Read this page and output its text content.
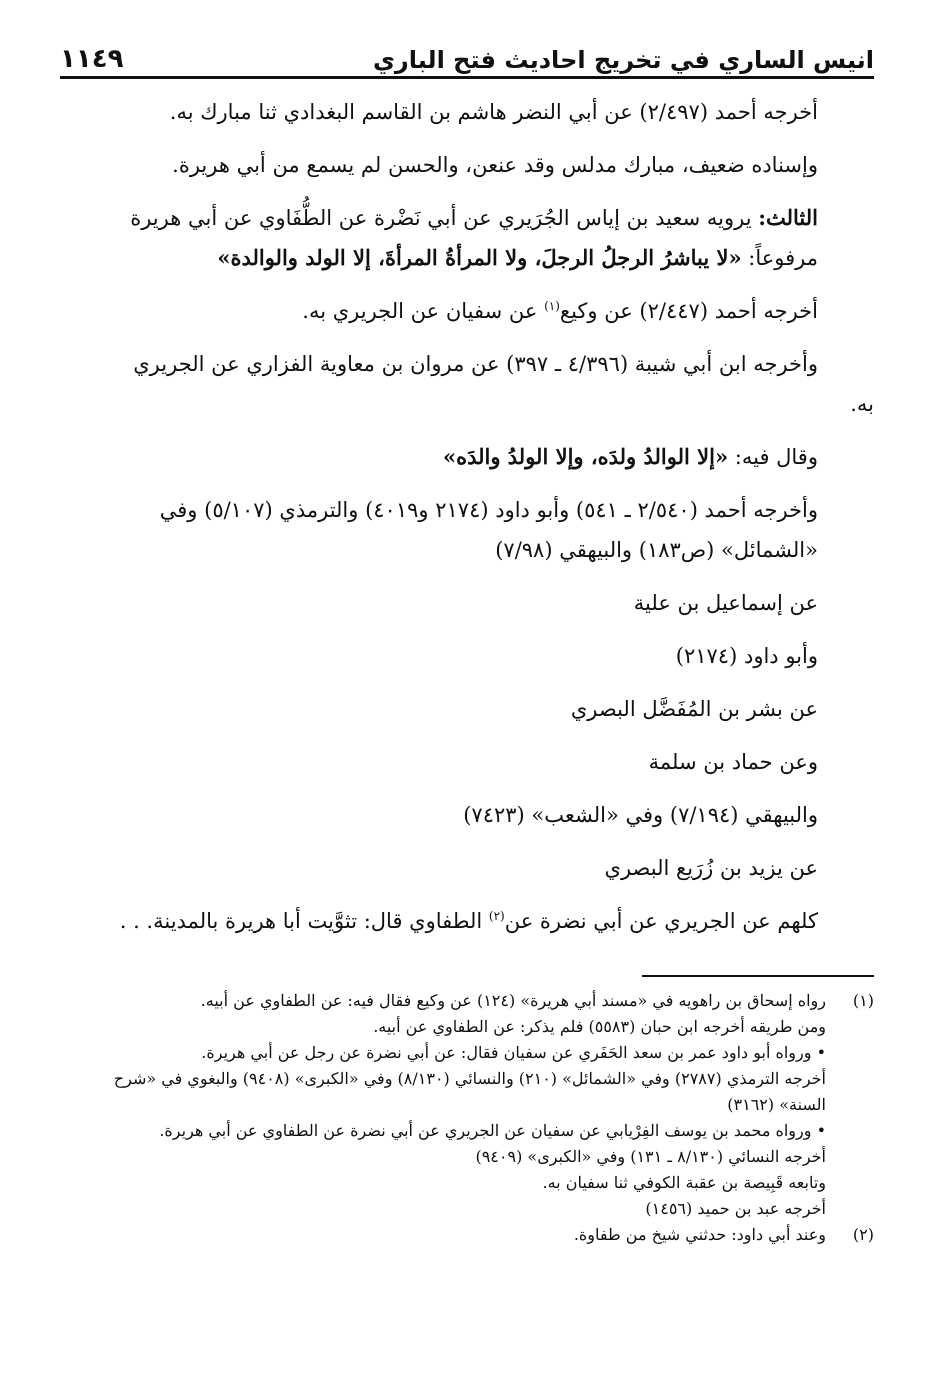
انيس الساري في تخريج احاديث فتح الباري
١١٤٩

أخرجه أحمد (٢/٤٩٧) عن أبي النضر هاشم بن القاسم البغدادي ثنا مبارك به.

وإسناده ضعيف، مبارك مدلس وقد عنعن، والحسن لم يسمع من أبي هريرة.

الثالث: يرويه سعيد بن إياس الجُرَيري عن أبي نَضْرة عن الطُّفَاوي عن أبي هريرة مرفوعاً: «لا يباشرُ الرجلُ الرجلَ، ولا المرأةُ المرأةَ، إلا الولد والوالدة»

أخرجه أحمد (٢/٤٤٧) عن وكيع$^{(١)}$ عن سفيان عن الجريري به.

وأخرجه ابن أبي شيبة (٤/٣٩٦ ـ ٣٩٧) عن مروان بن معاوية الفزاري عن الجريري

به.

وقال فيه: «إلا الوالدُ ولدَه، وإلا الولدُ والدَه»

وأخرجه أحمد (٢/٥٤٠ ـ ٥٤١) وأبو داود (٢١٧٤ و٤٠١٩) والترمذي (٥/١٠٧) وفي «الشمائل» (ص١٨٣) والبيهقي (٧/٩٨)

عن إسماعيل بن علية

وأبو داود (٢١٧٤)

عن بشر بن المُفَضَّل البصري

وعن حماد بن سلمة

والبيهقي (٧/١٩٤) وفي «الشعب» (٧٤٢٣)

عن يزيد بن زُرَيع البصري

كلهم عن الجريري عن أبي نضرة عن$^{(٢)}$ الطفاوي قال: تثوَّيت أبا هريرة بالمدينة. . .

(١)
رواه إسحاق بن راهويه في «مسند أبي هريرة» (١٢٤) عن وكيع فقال فيه: عن الطفاوي عن أبيه.
ومن طريقه أخرجه ابن حبان (٥٥٨٣) فلم يذكر: عن الطفاوي عن أبيه.
• ورواه أبو داود عمر بن سعد الحَفَري عن سفيان فقال: عن أبي نضرة عن رجل عن أبي هريرة.
أخرجه الترمذي (٢٧٨٧) وفي «الشمائل» (٢١٠) والنسائي (٨/١٣٠) وفي «الكبرى» (٩٤٠٨) والبغوي في «شرح السنة» (٣١٦٢)
• ورواه محمد بن يوسف الفِرْيابي عن سفيان عن الجريري عن أبي نضرة عن الطفاوي عن أبي هريرة.
أخرجه النسائي (٨/١٣٠ ـ ١٣١) وفي «الكبرى» (٩٤٠٩)
وتابعه قَبِيصة بن عقبة الكوفي ثنا سفيان به.
أخرجه عبد بن حميد (١٤٥٦)
(٢)
وعند أبي داود: حدثني شيخ من طفاوة.
